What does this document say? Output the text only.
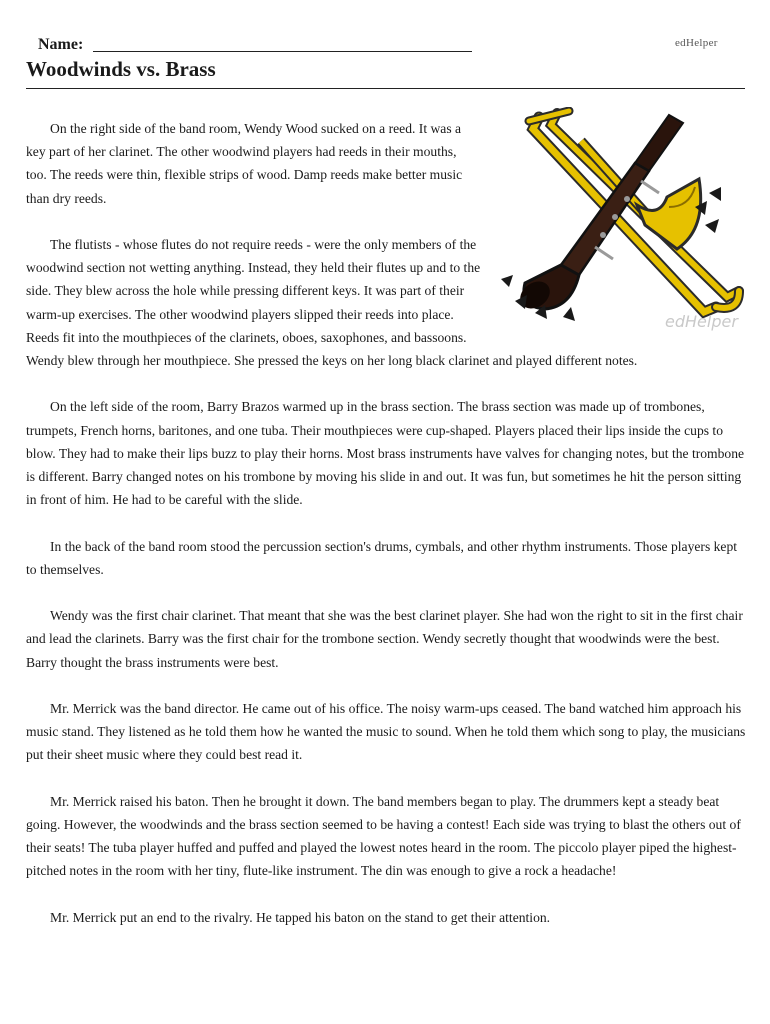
Name:	edHelper
Woodwinds vs. Brass
edHelper

On the right side of the band room, Wendy Wood sucked on a reed. It was a key part of her clarinet. The other woodwind players had reeds in their mouths, too. The reeds were thin, flexible strips of wood. Damp reeds make better music than dry reeds.

The flutists - whose flutes do not require reeds - were the only members of the woodwind section not wetting anything. Instead, they held their flutes up and to the side. They blew across the hole while pressing different keys. It was part of their warm-up exercises. The other woodwind players slipped their reeds into place. Reeds fit into the mouthpieces of the clarinets, oboes, saxophones, and bassoons. Wendy blew through her mouthpiece. She pressed the keys on her long black clarinet and played different notes.

On the left side of the room, Barry Brazos warmed up in the brass section. The brass section was made up of trombones, trumpets, French horns, baritones, and one tuba. Their mouthpieces were cup-shaped. Players placed their lips inside the cups to blow. They had to make their lips buzz to play their horns. Most brass instruments have valves for changing notes, but the trombone is different. Barry changed notes on his trombone by moving his slide in and out. It was fun, but sometimes he hit the person sitting in front of him. He had to be careful with the slide.

In the back of the band room stood the percussion section's drums, cymbals, and other rhythm instruments. Those players kept to themselves.

Wendy was the first chair clarinet. That meant that she was the best clarinet player. She had won the right to sit in the first chair and lead the clarinets. Barry was the first chair for the trombone section. Wendy secretly thought that woodwinds were the best. Barry thought the brass instruments were best.

Mr. Merrick was the band director. He came out of his office. The noisy warm-ups ceased. The band watched him approach his music stand. They listened as he told them how he wanted the music to sound. When he told them which song to play, the musicians put their sheet music where they could best read it.

Mr. Merrick raised his baton. Then he brought it down. The band members began to play. The drummers kept a steady beat going. However, the woodwinds and the brass section seemed to be having a contest! Each side was trying to blast the others out of their seats! The tuba player huffed and puffed and played the lowest notes heard in the room. The piccolo player piped the highest-pitched notes in the room with her tiny, flute-like instrument. The din was enough to give a rock a headache!

Mr. Merrick put an end to the rivalry. He tapped his baton on the stand to get their attention.
